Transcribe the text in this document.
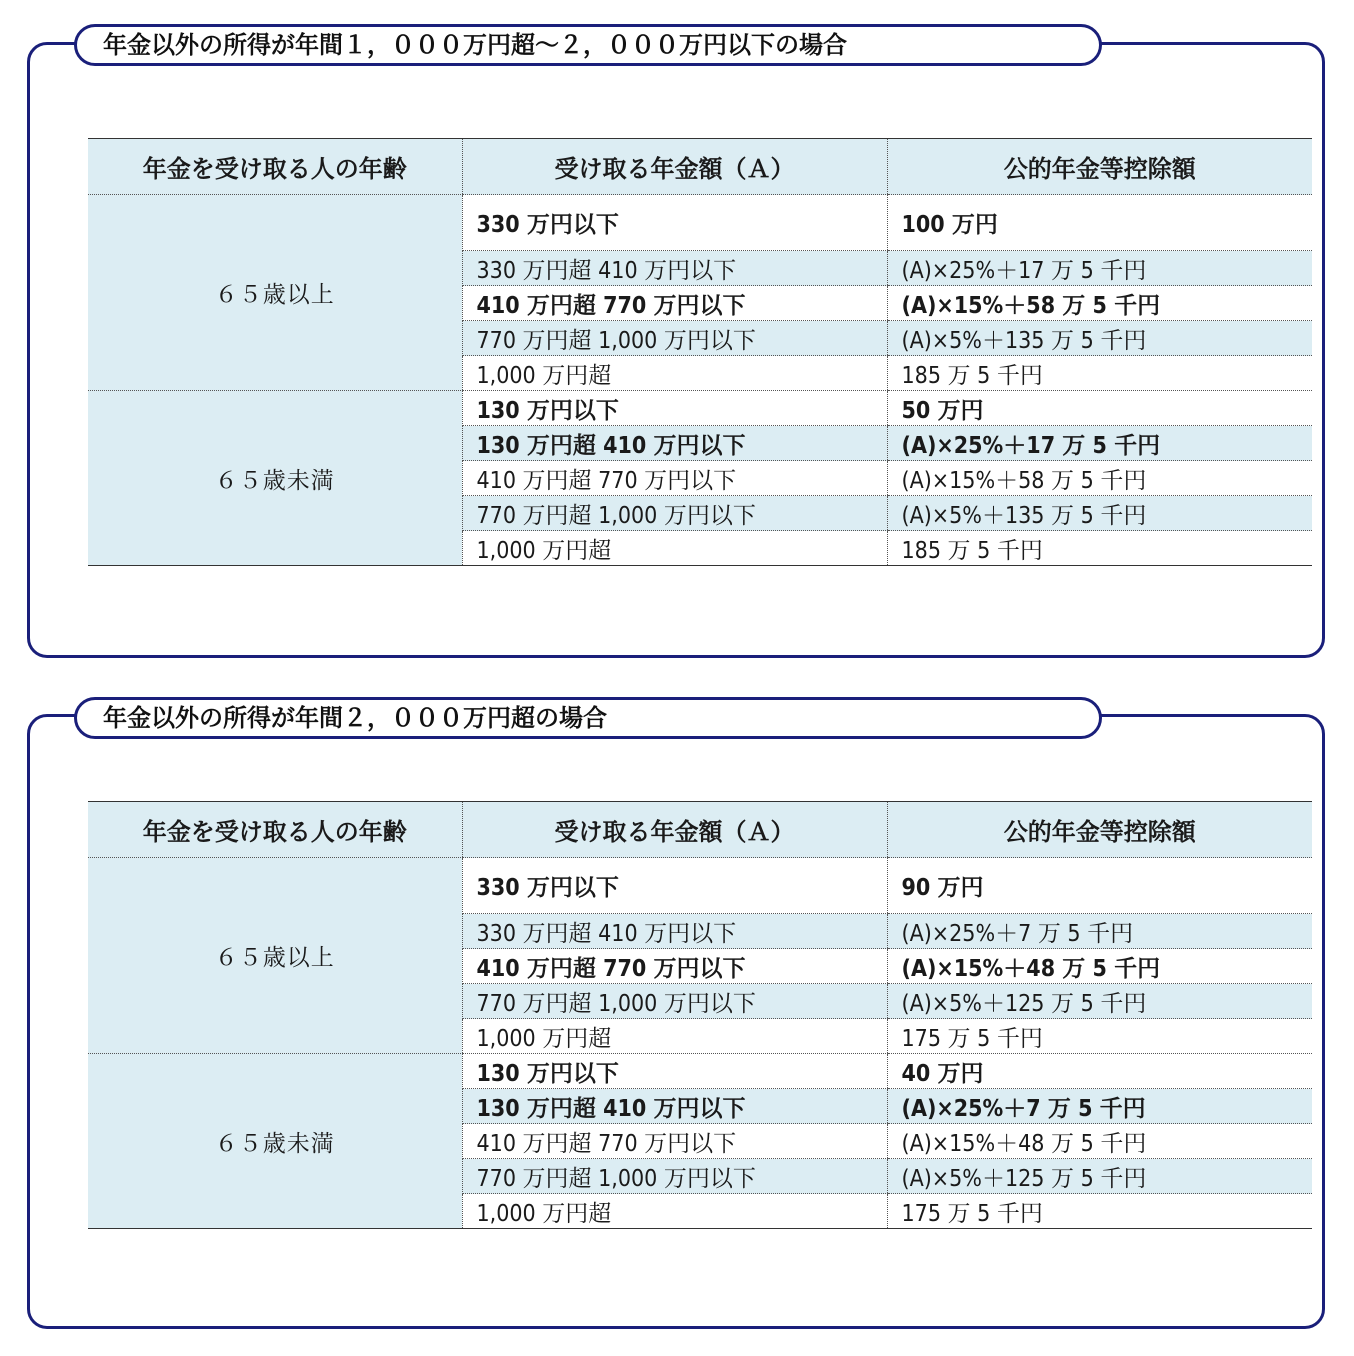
年金以外の所得が年間１，０００万円超～２，０００万円以下の場合
年金を受け取る人の年齢	受け取る年金額（Ａ）	公的年金等控除額
６５歳以上	330 万円以下	100 万円
	330 万円超 410 万円以下	(A)×25%＋17 万 5 千円
	410 万円超 770 万円以下	(A)×15%＋58 万 5 千円
	770 万円超 1,000 万円以下	(A)×5%＋135 万 5 千円
	1,000 万円超	185 万 5 千円
６５歳未満	130 万円以下	50 万円
	130 万円超 410 万円以下	(A)×25%＋17 万 5 千円
	410 万円超 770 万円以下	(A)×15%＋58 万 5 千円
	770 万円超 1,000 万円以下	(A)×5%＋135 万 5 千円
	1,000 万円超	185 万 5 千円
年金以外の所得が年間２，０００万円超の場合
年金を受け取る人の年齢	受け取る年金額（Ａ）	公的年金等控除額
６５歳以上	330 万円以下	90 万円
	330 万円超 410 万円以下	(A)×25%＋7 万 5 千円
	410 万円超 770 万円以下	(A)×15%＋48 万 5 千円
	770 万円超 1,000 万円以下	(A)×5%＋125 万 5 千円
	1,000 万円超	175 万 5 千円
６５歳未満	130 万円以下	40 万円
	130 万円超 410 万円以下	(A)×25%＋7 万 5 千円
	410 万円超 770 万円以下	(A)×15%＋48 万 5 千円
	770 万円超 1,000 万円以下	(A)×5%＋125 万 5 千円
	1,000 万円超	175 万 5 千円
